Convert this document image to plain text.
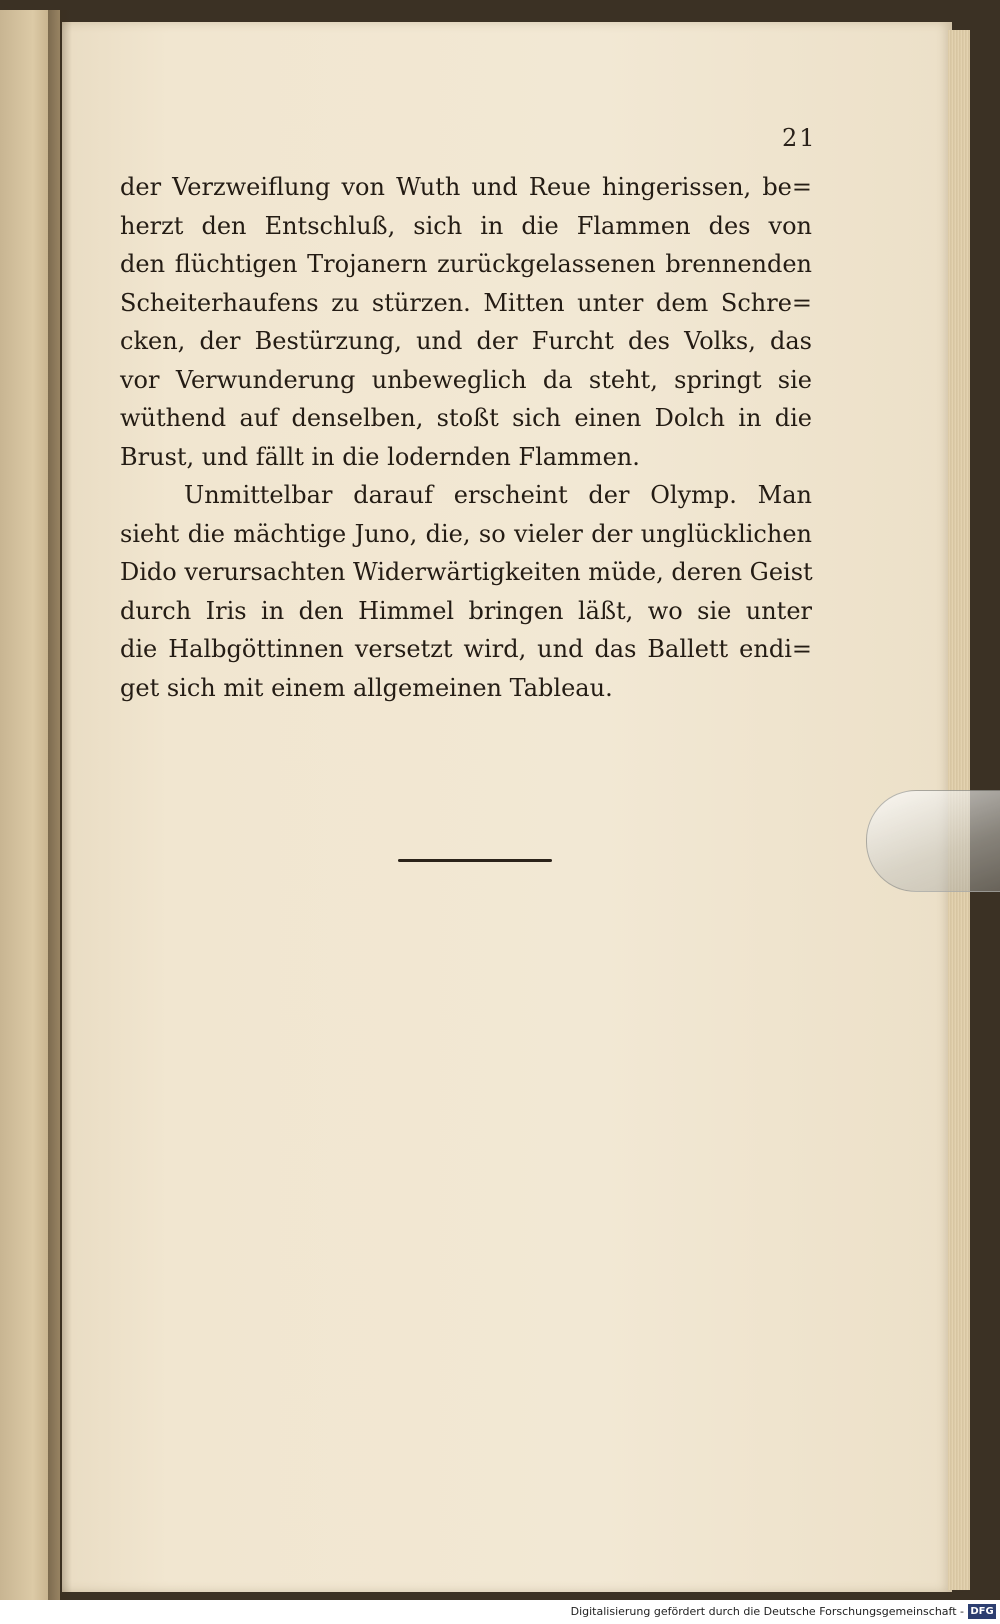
21
der Verzweiflung von Wuth und Reue hingerissen, be=
herzt den Entschluß, sich in die Flammen des von
den flüchtigen Trojanern zurückgelassenen brennenden
Scheiterhaufens zu stürzen. Mitten unter dem Schre=
cken, der Bestürzung, und der Furcht des Volks, das
vor Verwunderung unbeweglich da steht, springt sie
wüthend auf denselben, stoßt sich einen Dolch in die
Brust, und fällt in die lodernden Flammen.
Unmittelbar darauf erscheint der Olymp. Man
sieht die mächtige Juno, die, so vieler der unglücklichen
Dido verursachten Widerwärtigkeiten müde, deren Geist
durch Iris in den Himmel bringen läßt, wo sie unter
die Halbgöttinnen versetzt wird, und das Ballett endi=
get sich mit einem allgemeinen Tableau.
Digitalisierung gefördert durch die Deutsche Forschungsgemeinschaft - DFG
